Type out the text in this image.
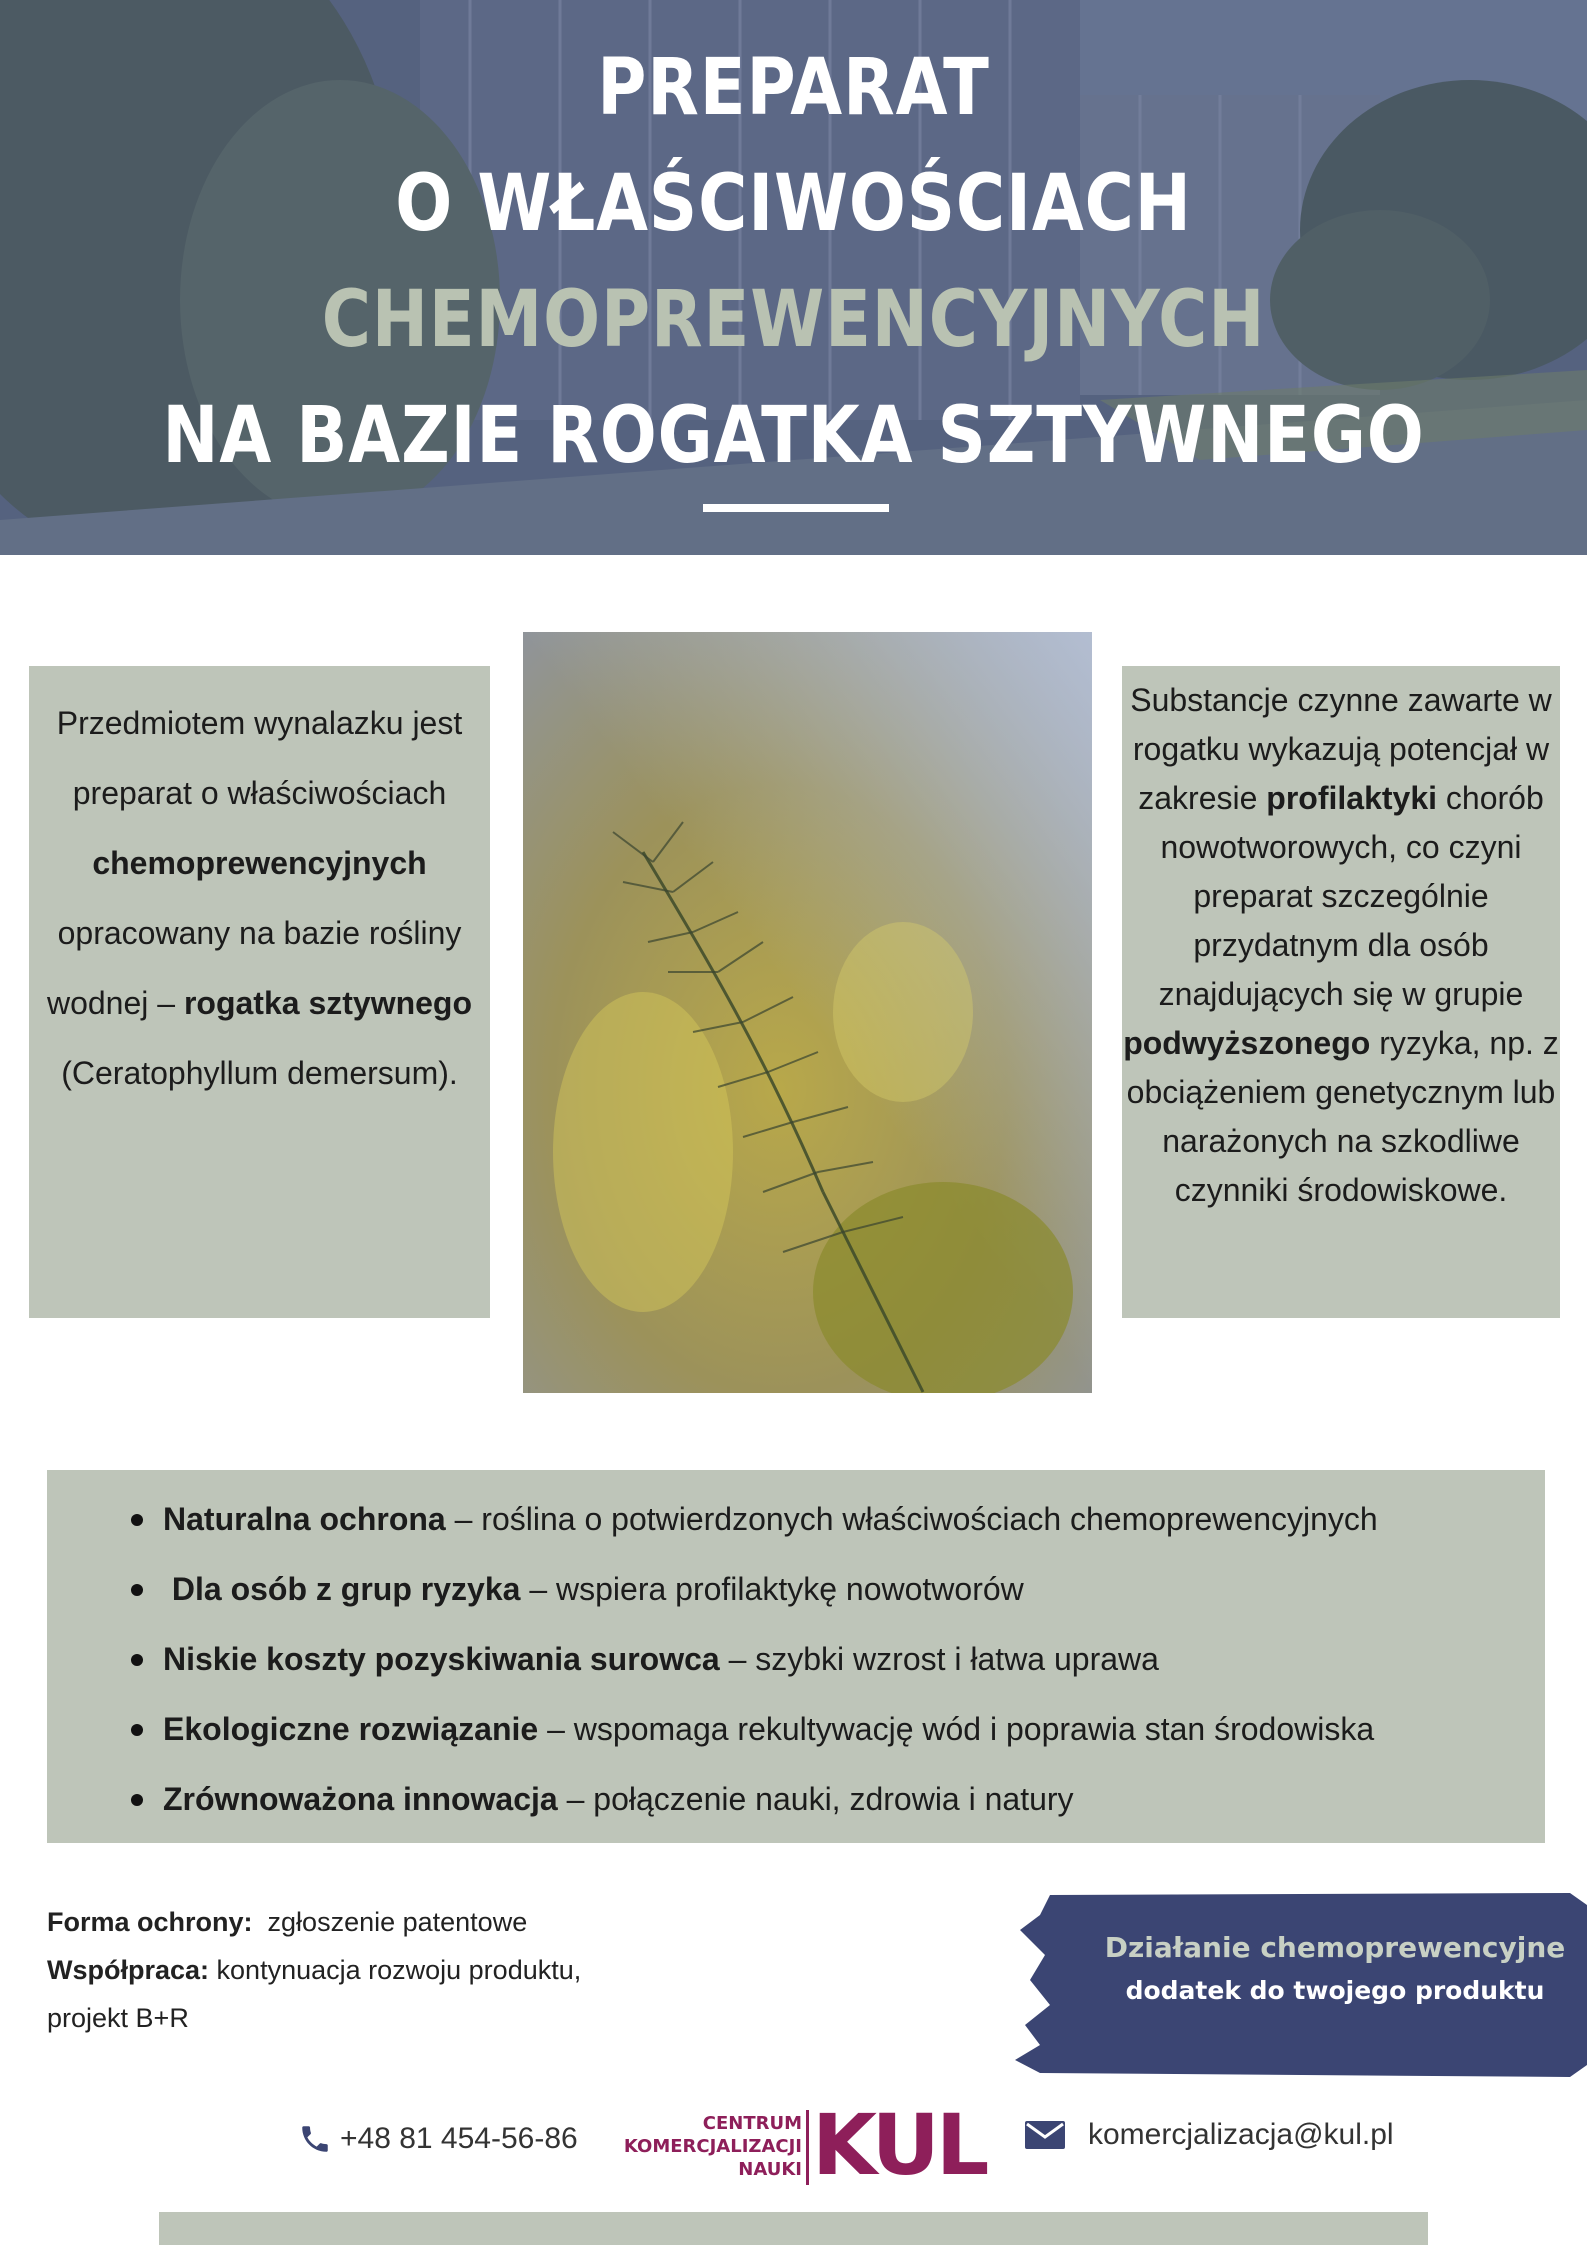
PREPARAT
O WŁAŚCIWOŚCIACH
CHEMOPREWENCYJNYCH
NA BAZIE ROGATKA SZTYWNEGO
Przedmiotem wynalazku jest preparat o właściwościach chemoprewencyjnych opracowany na bazie rośliny wodnej – rogatka sztywnego (Ceratophyllum demersum).
Substancje czynne zawarte w rogatku wykazują potencjał w zakresie profilaktyki chorób nowotworowych, co czyni preparat szczególnie przydatnym dla osób znajdujących się w grupie podwyższonego ryzyka, np. z obciążeniem genetycznym lub narażonych na szkodliwe czynniki środowiskowe.
Naturalna ochrona – roślina o potwierdzonych właściwościach chemoprewencyjnych
Dla osób z grup ryzyka – wspiera profilaktykę nowotworów
Niskie koszty pozyskiwania surowca – szybki wzrost i łatwa uprawa
Ekologiczne rozwiązanie – wspomaga rekultywację wód i poprawia stan środowiska
Zrównoważona innowacja – połączenie nauki, zdrowia i natury
Forma ochrony:  zgłoszenie patentowe
Współpraca: kontynuacja rozwoju produktu, projekt B+R
Działanie chemoprewencyjne
dodatek do twojego produktu
+48 81 454-56-86	CENTRUM
KOMERCJALIZACJI
NAUKI KUL	komercjalizacja@kul.pl
